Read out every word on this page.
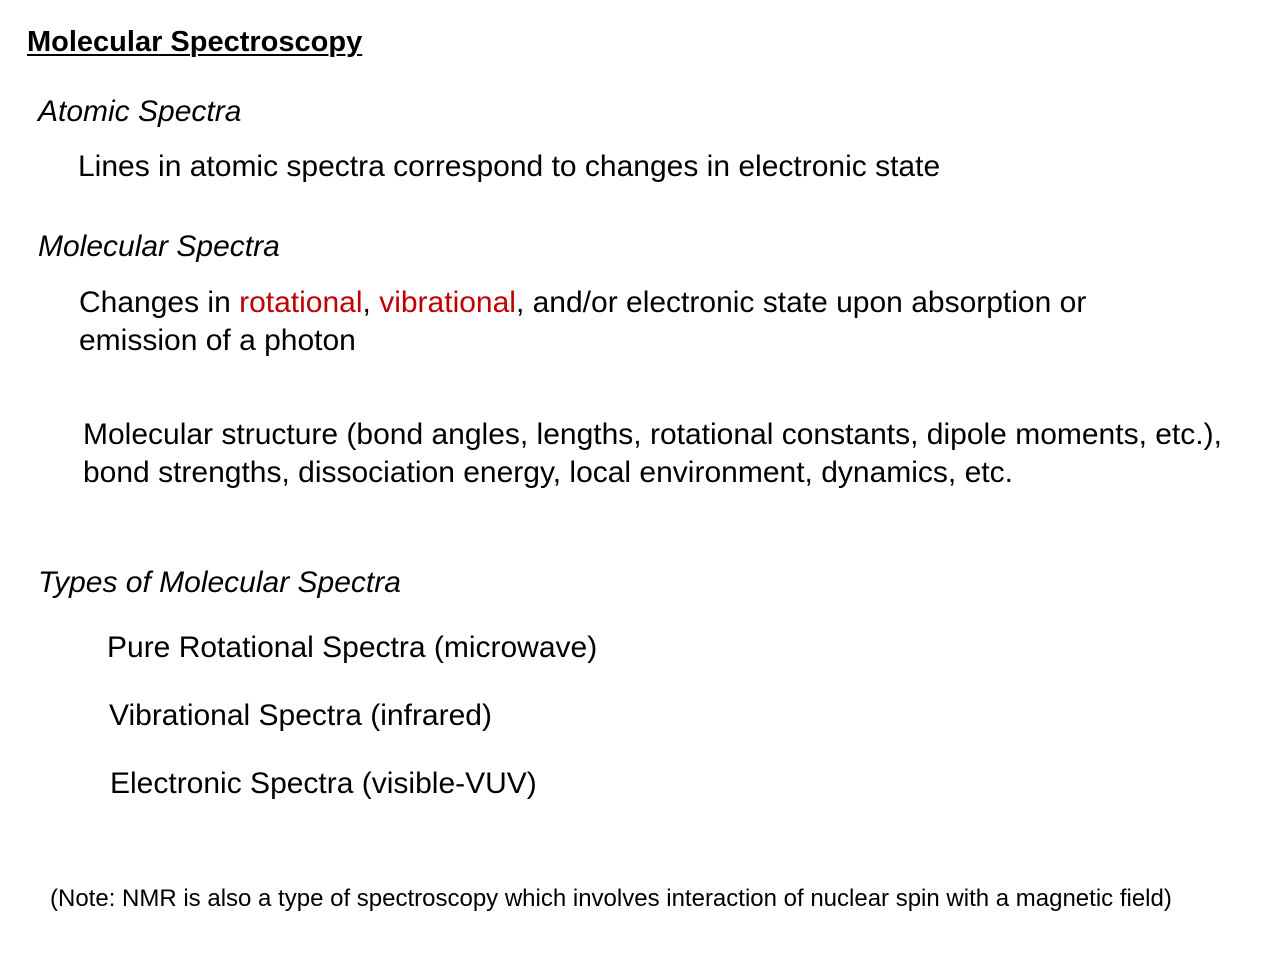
Molecular Spectroscopy
Atomic Spectra

Lines in atomic spectra correspond to changes in electronic state

Molecular Spectra

Changes in rotational, vibrational, and/or electronic state upon absorption or emission of a photon

Molecular structure (bond angles, lengths, rotational constants, dipole moments, etc.), bond strengths, dissociation energy, local environment, dynamics, etc.

Types of Molecular Spectra

Pure Rotational Spectra (microwave)

Vibrational Spectra (infrared)

Electronic Spectra (visible-VUV)

(Note: NMR is also a type of spectroscopy which involves interaction of nuclear spin with a magnetic field)
